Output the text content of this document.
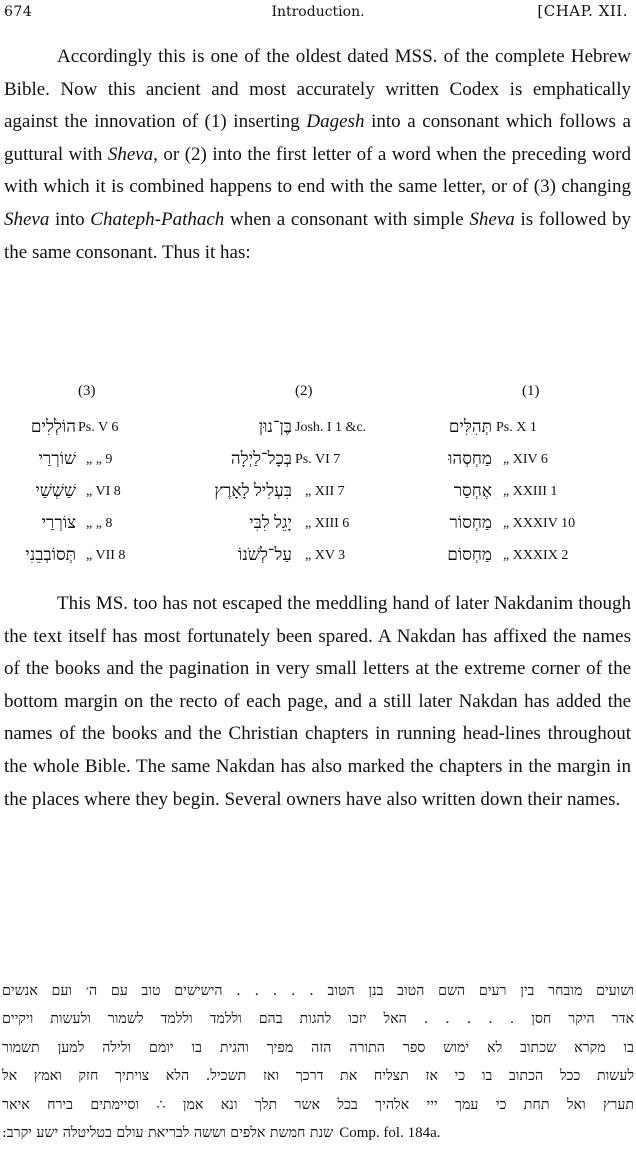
674	Introduction.	[CHAP. XII.

Accordingly this is one of the oldest dated MSS. of the complete Hebrew Bible. Now this ancient and most accurately written Codex is emphatically against the innovation of (1) inserting Dagesh into a consonant which follows a guttural with Sheva, or (2) into the first letter of a word when the preceding word with which it is combined happens to end with the same letter, or of (3) changing Sheva into Chateph-Pathach when a consonant with simple Sheva is followed by the same consonant. Thus it has:

(3)	(2)	(1)
הוֹלְלִים Ps. V 6	בֶּן־נוּן Josh. I 1 &c.	תְּהִלִּים Ps. X 1
שׁוֹרְרַי „ „ 9	בְּכָל־לַיְלָה Ps. VI 7	מַחְסְהוּ „ XIV 6
שַׁשְׁשַׁי „ VI 8	בִּעְלִיל לָאָרֶץ „ XII 7	אֶחְסַר „ XXIII 1
צוֹרְרַי „ „ 8	יָגֵל לִבִּי „ XIII 6	מַחְסוֹר „ XXXIV 10
תְּסוֹבְבֵנִי „ VII 8	עַל־לְשֹׁנוֹ „ XV 3	מַחְסוֹם „ XXXIX 2

This MS. too has not escaped the meddling hand of later Nakdanim though the text itself has most fortunately been spared. A Nakdan has affixed the names of the books and the pagination in very small letters at the extreme corner of the bottom margin on the recto of each page, and a still later Nakdan has added the names of the books and the Christian chapters in running head-lines throughout the whole Bible. The same Nakdan has also marked the chapters in the margin in the places where they begin. Several owners have also written down their names.

ושועים מובחר בין רעים השם הטוב בנן הטוב . . . . . הישישים טוב עם ה׳ ועם אנשים
אדר היקר חסן . . . . . האל יזכו להגות בהם וללמד וללמד לשמור ולעשות ויקיים
בו מקרא שכתוב לא ימוש ספר התורה הזה מפיך והגית בו יומם ולילה למען תשמור
לעשות ככל הכתוב בו כי אז תצליח את דרכך ואז תשכיל. הלא צויתיך חזק ואמץ אל
תערץ ואל תחת כי עמך ייי אלהיך בכל אשר תלך ונא אמן ∴ וסיימתים בירח איאר
שנת חמשת אלפים וששה לבריאת עולם בטליטלה ישע יקרב: Comp. fol. 184a.
